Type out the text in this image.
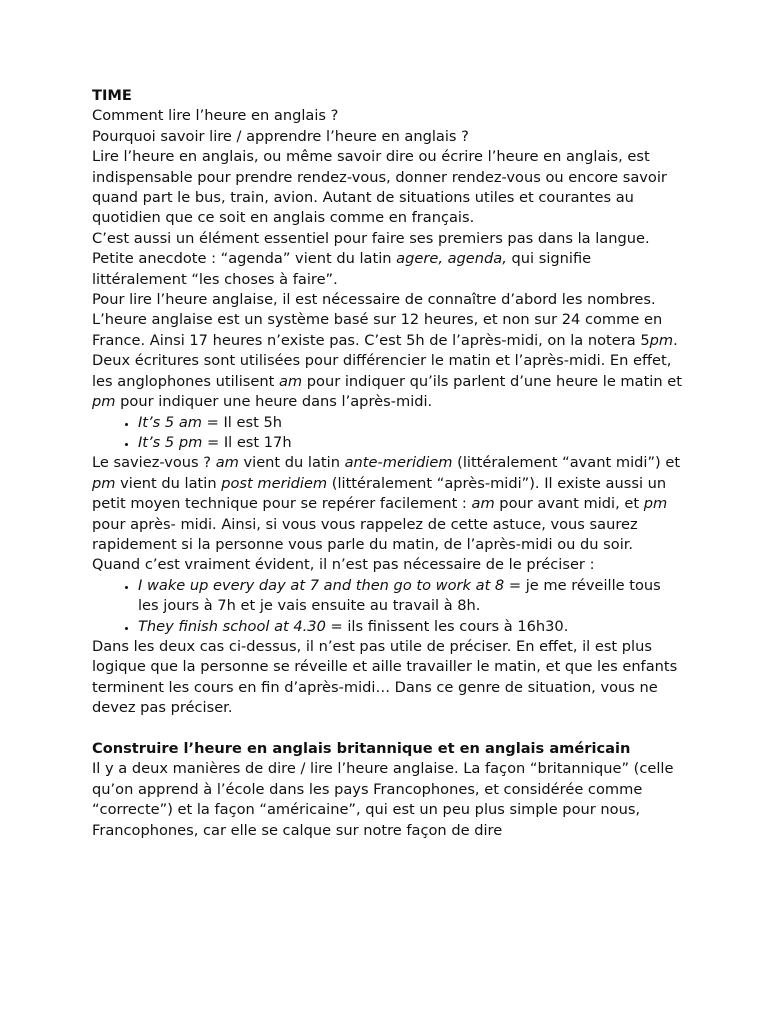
TIME

Comment lire l’heure en anglais ?

Pourquoi savoir lire / apprendre l’heure en anglais ?

Lire l’heure en anglais, ou même savoir dire ou écrire l’heure en anglais, est indispensable pour prendre rendez-vous, donner rendez-vous ou encore savoir quand part le bus, train, avion. Autant de situations utiles et courantes au quotidien que ce soit en anglais comme en français.

C’est aussi un élément essentiel pour faire ses premiers pas dans la langue.

Petite anecdote : “agenda” vient du latin agere, agenda, qui signifie littéralement “les choses à faire”.

Pour lire l’heure anglaise, il est nécessaire de connaître d’abord les nombres.

L’heure anglaise est un système basé sur 12 heures, et non sur 24 comme en France. Ainsi 17 heures n’existe pas. C’est 5h de l’après-midi, on la notera 5pm. Deux écritures sont utilisées pour différencier le matin et l’après-midi. En effet, les anglophones utilisent am pour indiquer qu’ils parlent d’une heure le matin et pm pour indiquer une heure dans l’après-midi.

• It’s 5 am = Il est 5h
• It’s 5 pm = Il est 17h

Le saviez-vous ? am vient du latin ante-meridiem (littéralement “avant midi”) et pm vient du latin post meridiem (littéralement “après-midi”). Il existe aussi un petit moyen technique pour se repérer facilement : am pour avant midi, et pm pour après- midi. Ainsi, si vous vous rappelez de cette astuce, vous saurez rapidement si la personne vous parle du matin, de l’après-midi ou du soir.

Quand c’est vraiment évident, il n’est pas nécessaire de le préciser :

• I wake up every day at 7 and then go to work at 8 = je me réveille tous les jours à 7h et je vais ensuite au travail à 8h.
• They finish school at 4.30 = ils finissent les cours à 16h30.

Dans les deux cas ci-dessus, il n’est pas utile de préciser. En effet, il est plus logique que la personne se réveille et aille travailler le matin, et que les enfants terminent les cours en fin d’après-midi… Dans ce genre de situation, vous ne devez pas préciser.

Construire l’heure en anglais britannique et en anglais américain

Il y a deux manières de dire / lire l’heure anglaise. La façon “britannique” (celle qu’on apprend à l’école dans les pays Francophones, et considérée comme “correcte”) et la façon “américaine”, qui est un peu plus simple pour nous, Francophones, car elle se calque sur notre façon de dire
